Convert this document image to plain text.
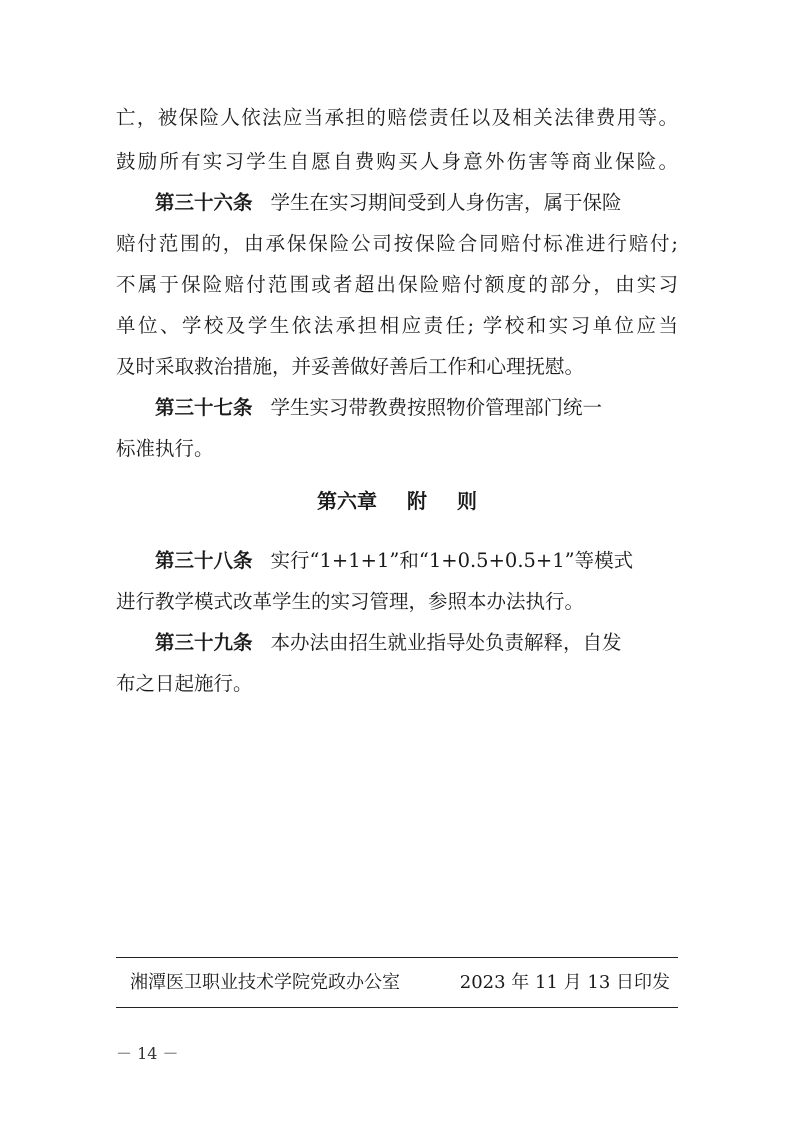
亡，被保险人依法应当承担的赔偿责任以及相关法律费用等。
鼓励所有实习学生自愿自费购买人身意外伤害等商业保险。
第三十六条 学生在实习期间受到人身伤害，属于保险
赔付范围的，由承保保险公司按保险合同赔付标准进行赔付;
不属于保险赔付范围或者超出保险赔付额度的部分，由实习
单位、学校及学生依法承担相应责任; 学校和实习单位应当
及时采取救治措施，并妥善做好善后工作和心理抚慰。
第三十七条 学生实习带教费按照物价管理部门统一
标准执行。
第六章 附 则
第三十八条 实行“1+1+1”和“1+0.5+0.5+1”等模式
进行教学模式改革学生的实习管理，参照本办法执行。
第三十九条 本办法由招生就业指导处负责解释，自发
布之日起施行。
湘潭医卫职业技术学院党政办公室	2023 年 11 月 13 日印发
－ 14 －
